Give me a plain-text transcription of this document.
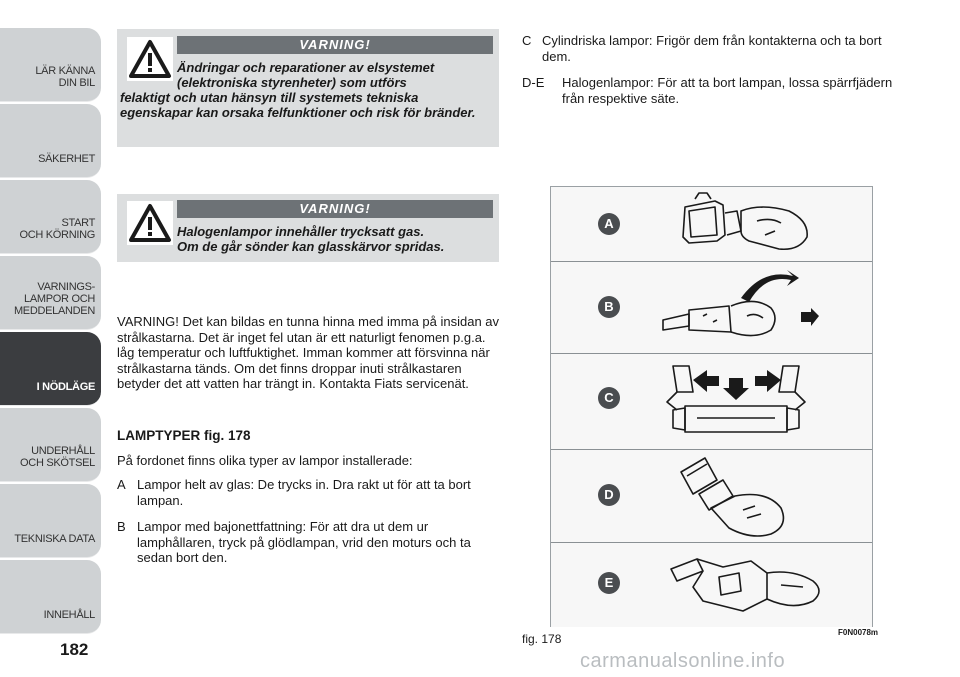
LÄR KÄNNA
DIN BIL
SÄKERHET
START
OCH KÖRNING
VARNINGS-
LAMPOR OCH
MEDDELANDEN
I NÖDLÄGE
UNDERHÅLL
OCH SKÖTSEL
TEKNISKA DATA
INNEHÅLL
182
VARNING!
Ändringar och reparationer av elsystemet
(elektroniska styrenheter) som utförs
felaktigt och utan hänsyn till systemets tekniska egenskapar kan orsaka felfunktioner och risk för bränder.
VARNING!
Halogenlampor innehåller trycksatt gas.
Om de går sönder kan glasskärvor spridas.
VARNING! Det kan bildas en tunna hinna med imma på insidan av strålkastarna. Det är inget fel utan är ett naturligt fenomen p.g.a. låg temperatur och luftfuktighet. Imman kommer att försvinna när strålkastarna tänds. Om det finns droppar inuti strålkastaren betyder det att vatten har trängt in. Kontakta Fiats servicenät.
LAMPTYPER fig. 178
På fordonet finns olika typer av lampor installerade:
A Lampor helt av glas: De trycks in. Dra rakt ut för att ta bort lampan.
B Lampor med bajonettfattning: För att dra ut dem ur lamphållaren, tryck på glödlampan, vrid den moturs och ta sedan bort den.
C Cylindriska lampor: Frigör dem från kontakterna och ta bort dem.
D-E	Halogenlampor: För att ta bort lampan, lossa spärrfjädern från respektive säte.
A
B
C
D
E
fig. 178	F0N0078m
carmanualsonline.info
